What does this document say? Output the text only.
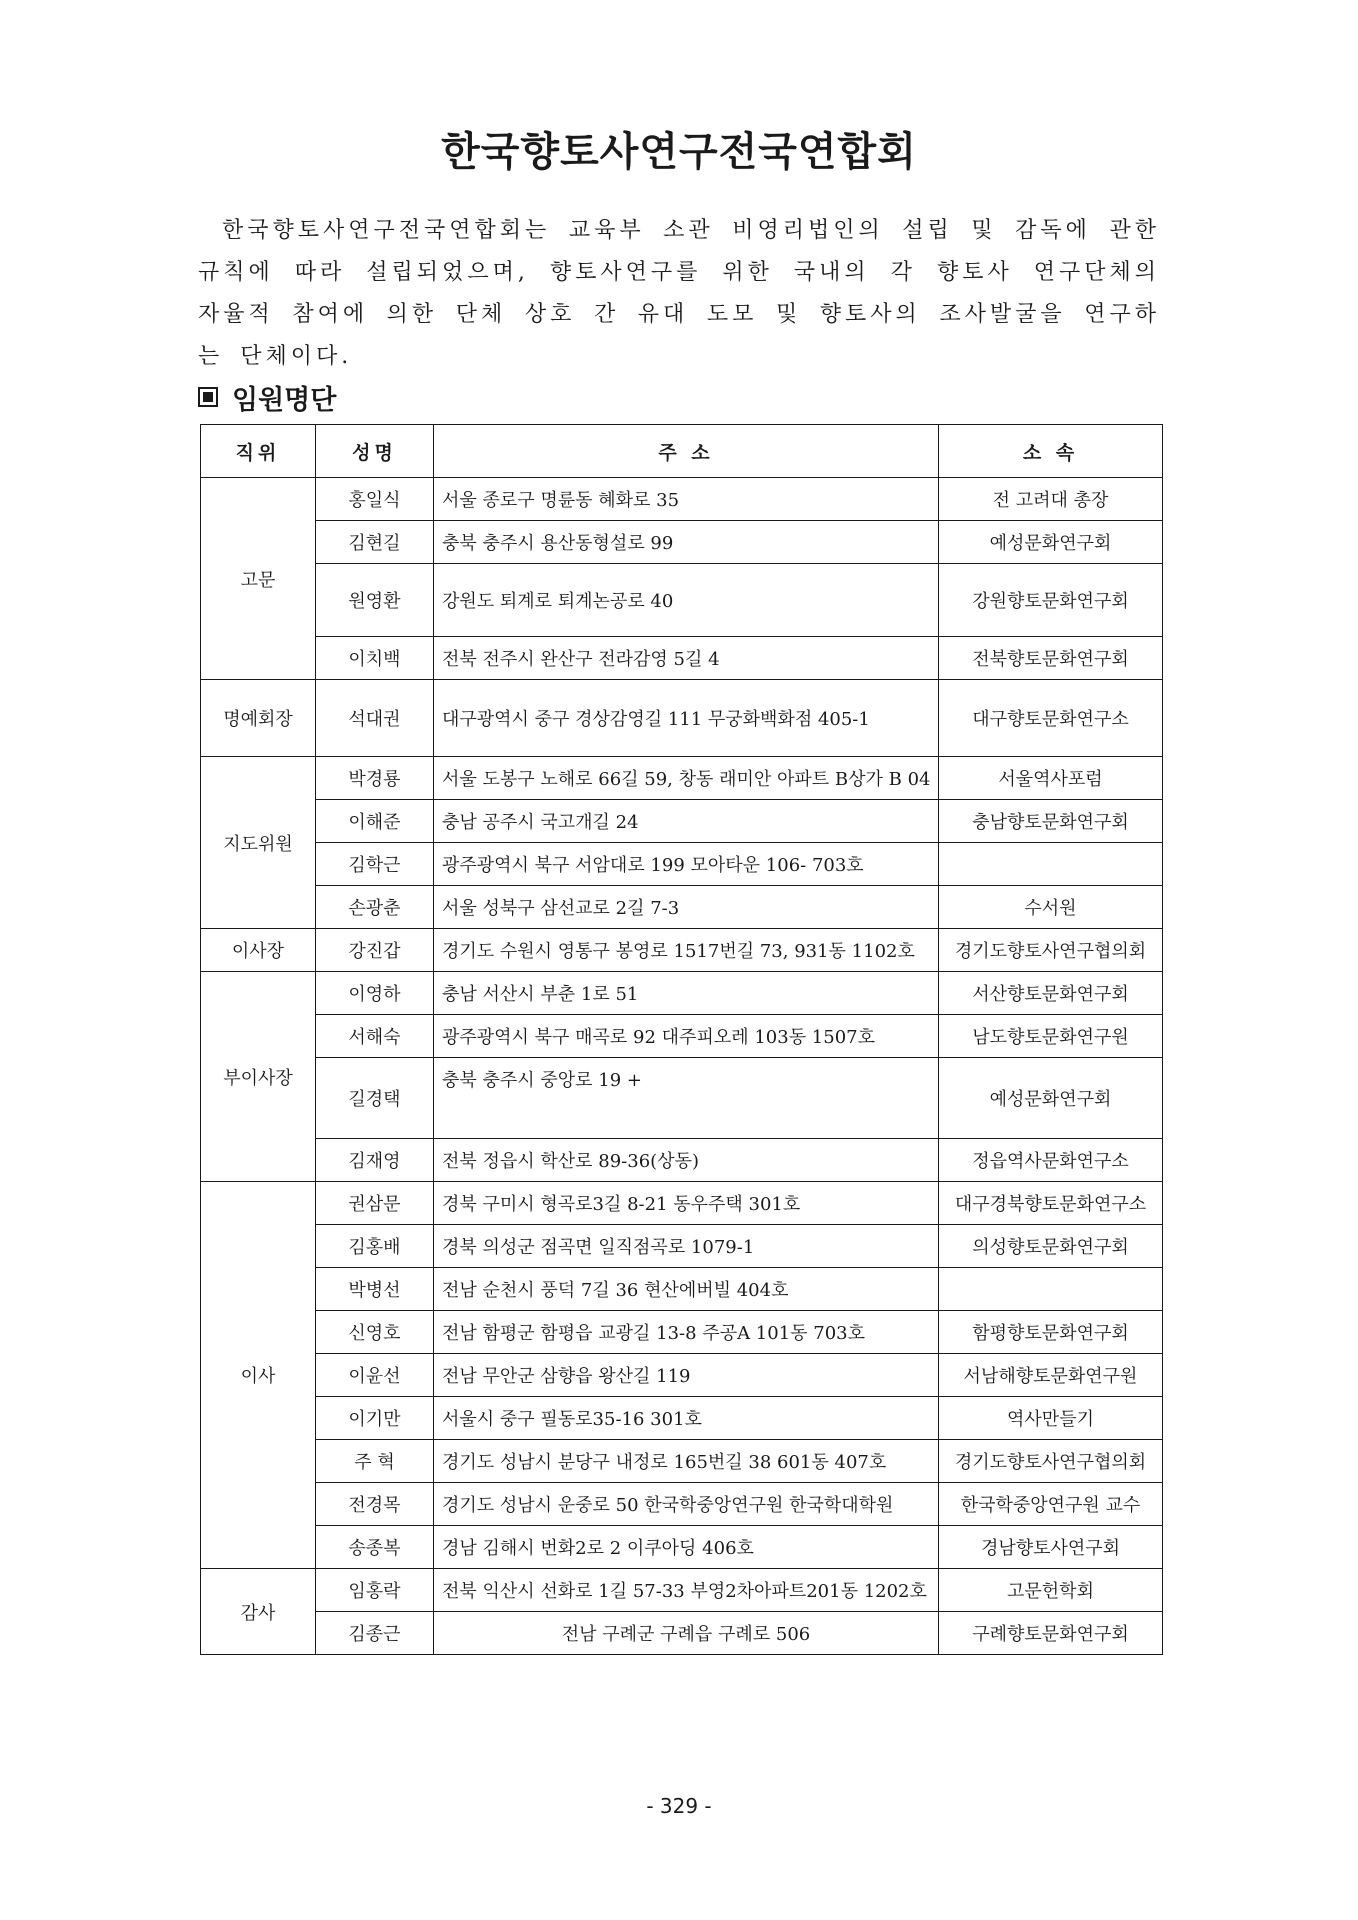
한국향토사연구전국연합회

한국향토사연구전국연합회는 교육부 소관 비영리법인의 설립 및 감독에 관한 규칙에 따라 설립되었으며, 향토사연구를 위한 국내의 각 향토사 연구단체의 자율적 참여에 의한 단체 상호 간 유대 도모 및 향토사의 조사발굴을 연구하는 단체이다.

임원명단
직위	성명	주 소	소 속
고문	홍일식	서울 종로구 명륜동 혜화로 35	전 고려대 총장
	김현길	충북 충주시 용산동형설로 99	예성문화연구회
	원영환	강원도 퇴계로 퇴계논공로 40	강원향토문화연구회
	이치백	전북 전주시 완산구 전라감영 5길 4	전북향토문화연구회
명예회장	석대권	대구광역시 중구 경상감영길 111 무궁화백화점 405-1	대구향토문화연구소
지도위원	박경룡	서울 도봉구 노해로 66길 59, 창동 래미안 아파트 B상가 B 04	서울역사포럼
	이해준	충남 공주시 국고개길 24	충남향토문화연구회
	김학근	광주광역시 북구 서암대로 199 모아타운 106- 703호	
	손광춘	서울 성북구 삼선교로 2길 7-3	수서원
이사장	강진갑	경기도 수원시 영통구 봉영로 1517번길 73, 931동 1102호	경기도향토사연구협의회
부이사장	이영하	충남 서산시 부춘 1로 51	서산향토문화연구회
	서해숙	광주광역시 북구 매곡로 92 대주피오레 103동 1507호	남도향토문화연구원
	길경택	충북 충주시 중앙로 19 +	예성문화연구회
	김재영	전북 정읍시 학산로 89-36(상동)	정읍역사문화연구소
이사	권삼문	경북 구미시 형곡로3길 8-21 동우주택 301호	대구경북향토문화연구소
	김홍배	경북 의성군 점곡면 일직점곡로 1079-1	의성향토문화연구회
	박병선	전남 순천시 풍덕 7길 36 현산에버빌 404호	
	신영호	전남 함평군 함평읍 교광길 13-8 주공A 101동 703호	함평향토문화연구회
	이윤선	전남 무안군 삼향읍 왕산길 119	서남해향토문화연구원
	이기만	서울시 중구 필동로35-16 301호	역사만들기
	주 혁	경기도 성남시 분당구 내정로 165번길 38 601동 407호	경기도향토사연구협의회
	전경목	경기도 성남시 운중로 50 한국학중앙연구원 한국학대학원	한국학중앙연구원 교수
	송종복	경남 김해시 번화2로 2 이쿠아딩 406호	경남향토사연구회
감사	임홍락	전북 익산시 선화로 1길 57-33 부영2차아파트201동 1202호	고문헌학회
	김종근	전남 구례군 구례읍 구례로 506	구례향토문화연구회
- 329 -
